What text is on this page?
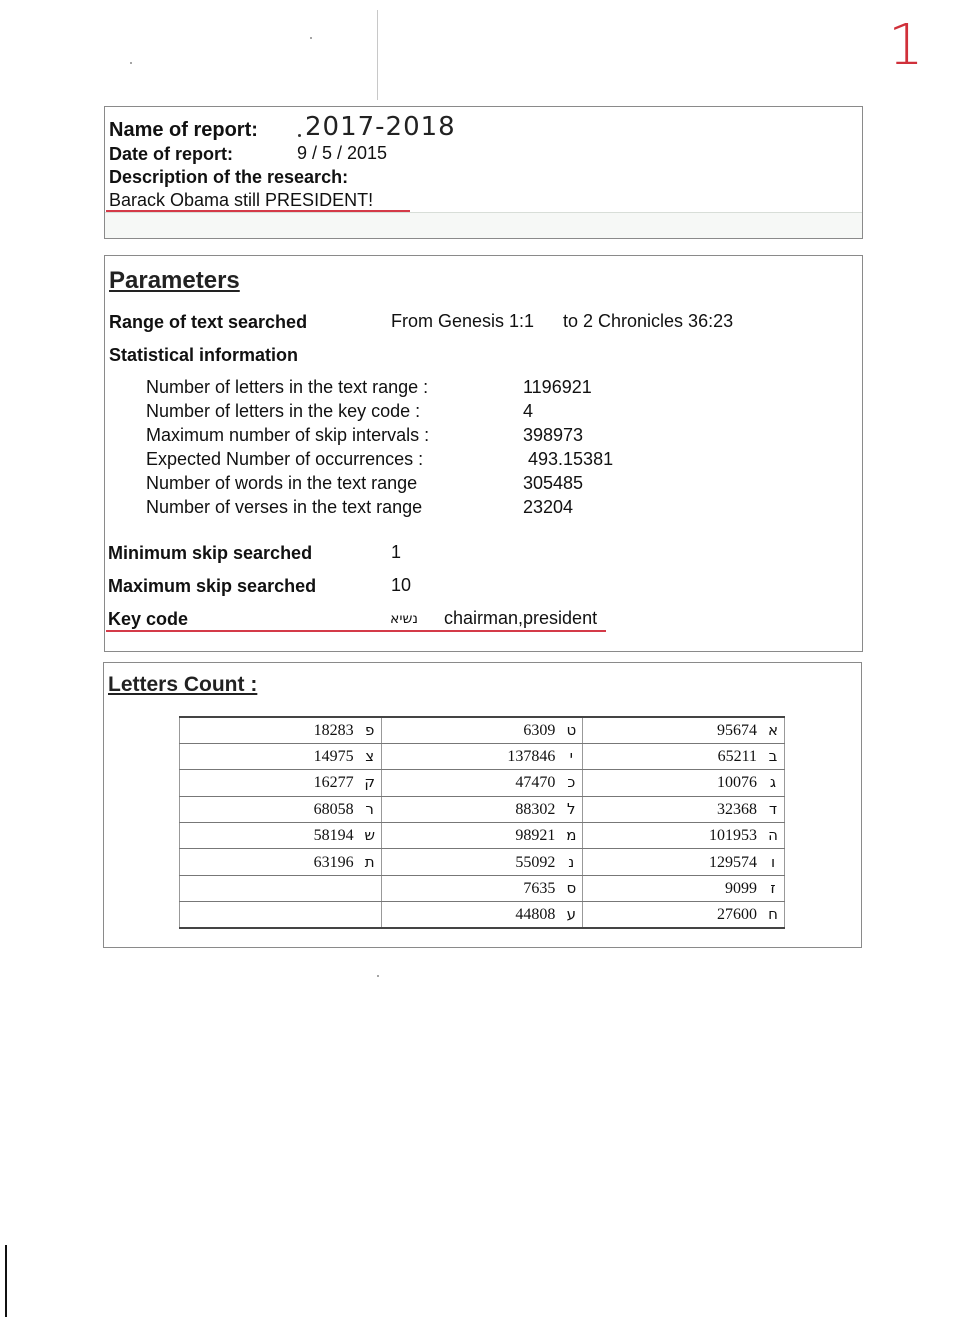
1
Name of report: 2017-2018
Date of report:	9 / 5 / 2015
Description of the research:
Barack Obama still PRESIDENT!
Parameters
Range of text searched	From Genesis 1:1 to 2 Chronicles 36:23
Statistical information
Number of letters in the text range :	1196921
Number of letters in the key code :	4
Maximum number of skip intervals :	398973
Expected Number of occurrences :	493.15381
Number of words in the text range	305485
Number of verses in the text range	23204
Minimum skip searched	1
Maximum skip searched	10
Key code	נשיא chairman,president
Letters Count :
18283 פ	6309 ט	95674 א
14975 צ	137846 י	65211 ב
16277 ק	47470 כ	10076 ג
68058 ר	88302 ל	32368 ד
58194 ש	98921 מ	101953 ה
63196 ת	55092 נ	129574 ו
	7635 ס	9099 ז
	44808 ע	27600 ח
